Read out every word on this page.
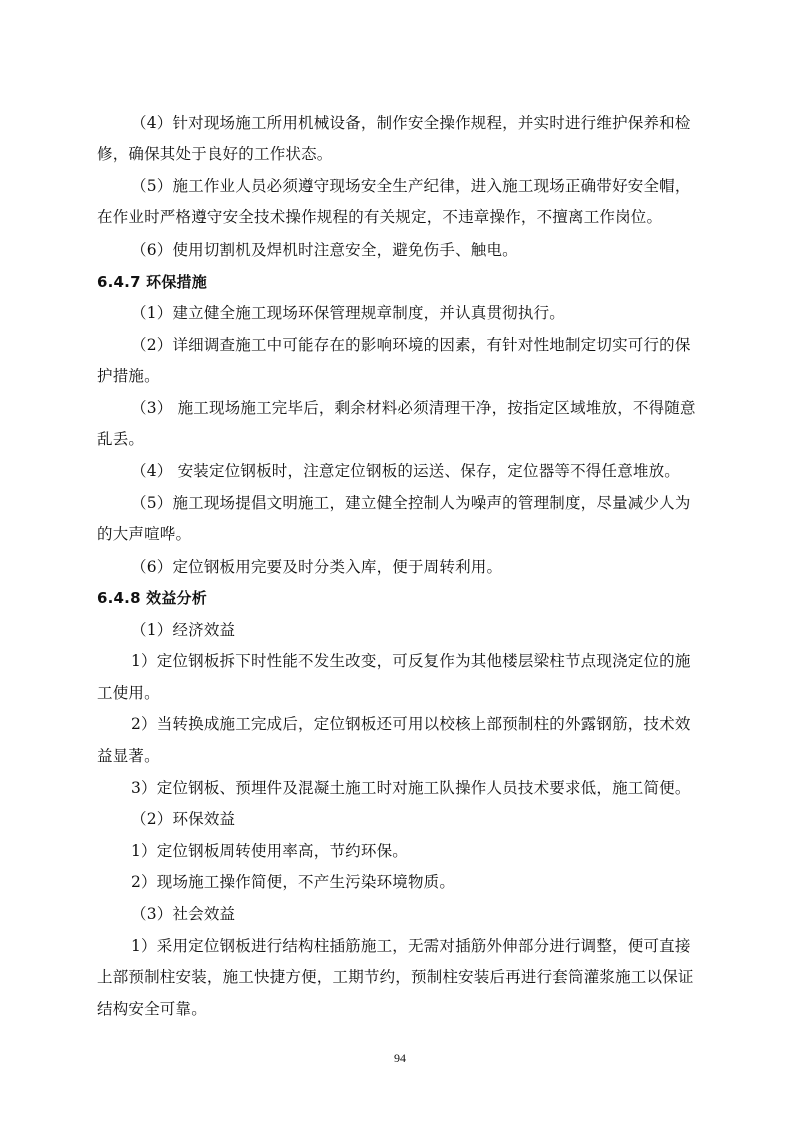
（4）针对现场施工所用机械设备，制作安全操作规程，并实时进行维护保养和检
修，确保其处于良好的工作状态。
（5）施工作业人员必须遵守现场安全生产纪律，进入施工现场正确带好安全帽，
在作业时严格遵守安全技术操作规程的有关规定，不违章操作，不擅离工作岗位。
（6）使用切割机及焊机时注意安全，避免伤手、触电。
6.4.7 环保措施
（1）建立健全施工现场环保管理规章制度，并认真贯彻执行。
（2）详细调查施工中可能存在的影响环境的因素，有针对性地制定切实可行的保
护措施。
（3） 施工现场施工完毕后，剩余材料必须清理干净，按指定区域堆放，不得随意
乱丢。
（4） 安装定位钢板时，注意定位钢板的运送、保存，定位器等不得任意堆放。
（5）施工现场提倡文明施工，建立健全控制人为噪声的管理制度，尽量减少人为
的大声喧哗。
（6）定位钢板用完要及时分类入库，便于周转利用。
6.4.8 效益分析
（1）经济效益
1）定位钢板拆下时性能不发生改变，可反复作为其他楼层梁柱节点现浇定位的施
工使用。
2）当转换成施工完成后，定位钢板还可用以校核上部预制柱的外露钢筋，技术效
益显著。
3）定位钢板、预埋件及混凝土施工时对施工队操作人员技术要求低，施工简便。
（2）环保效益
1）定位钢板周转使用率高，节约环保。
2）现场施工操作简便，不产生污染环境物质。
（3）社会效益
1）采用定位钢板进行结构柱插筋施工，无需对插筋外伸部分进行调整，便可直接
上部预制柱安装，施工快捷方便，工期节约，预制柱安装后再进行套筒灌浆施工以保证
结构安全可靠。
94
